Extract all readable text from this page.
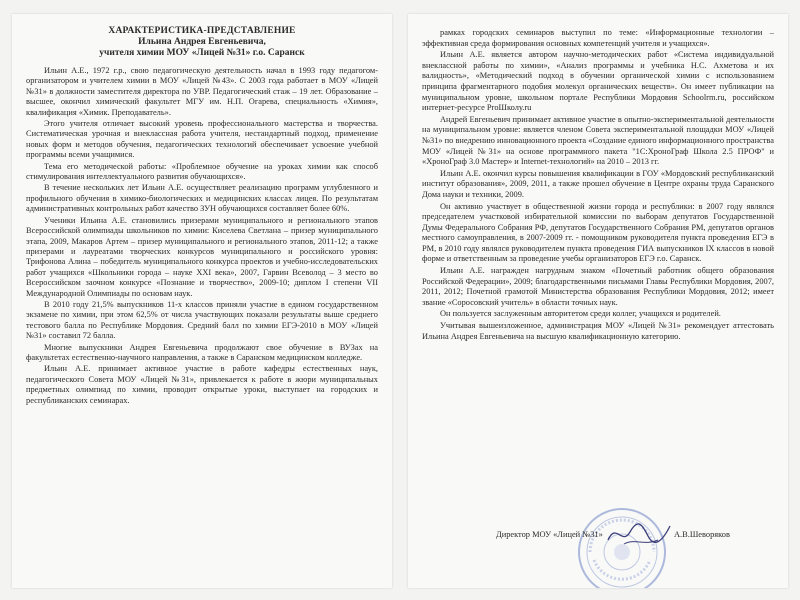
ХАРАКТЕРИСТИКА-ПРЕДСТАВЛЕНИЕ
Ильина Андрея Евгеньевича,
учителя химии МОУ «Лицей №31» г.о. Саранск

Ильин А.Е., 1972 г.р., свою педагогическую деятельность начал в 1993 году педагогом-организатором и учителем химии в МОУ «Лицей №43». С 2003 года работает в МОУ «Лицей №31» в должности заместителя директора по УВР. Педагогический стаж – 19 лет. Образование – высшее, окончил химический факультет МГУ им. Н.П. Огарева, специальность «Химия», квалификация «Химик. Преподаватель».

Этого учителя отличает высокий уровень профессионального мастерства и творчества. Систематическая урочная и внеклассная работа учителя, нестандартный подход, применение новых форм и методов обучения, педагогических технологий обеспечивает усвоение учебной программы всеми учащимися.

Тема его методической работы: «Проблемное обучение на уроках химии как способ стимулирования интеллектуального развития обучающихся».

В течение нескольких лет Ильин А.Е. осуществляет реализацию программ углубленного и профильного обучения в химико-биологических и медицинских классах лицея. По результатам административных контрольных работ качество ЗУН обучающихся составляет более 60%.

Ученики Ильина А.Е. становились призерами муниципального и регионального этапов Всероссийской олимпиады школьников по химии: Киселева Светлана – призер муниципального этапа, 2009, Макаров Артем – призер муниципального и регионального этапов, 2011-12; а также призерами и лауреатами творческих конкурсов муниципального и российского уровня: Трифонова Алина – победитель муниципального конкурса проектов и учебно-исследовательских работ учащихся «Школьники города – науке XXI века», 2007, Гарвин Всеволод – 3 место во Всероссийском заочном конкурсе «Познание и творчество», 2009-10; диплом I степени VII Международной Олимпиады по основам наук.

В 2010 году 21,5% выпускников 11-х классов приняли участие в едином государственном экзамене по химии, при этом 62,5% от числа участвующих показали результаты выше среднего тестового балла по Республике Мордовия. Средний балл по химии ЕГЭ-2010 в МОУ «Лицей №31» составил 72 балла.

Многие выпускники Андрея Евгеньевича продолжают свое обучение в ВУЗах на факультетах естественно-научного направления, а также в Саранском медицинском колледже.

Ильин А.Е. принимает активное участие в работе кафедры естественных наук, педагогического Совета МОУ «Лицей №31», привлекается к работе в жюри муниципальных предметных олимпиад по химии, проводит открытые уроки, выступает на городских и республиканских семинарах.

рамках городских семинаров выступил по теме: «Информационные технологии – эффективная среда формирования основных компетенций учителя и учащихся».

Ильин А.Е. является автором научно-методических работ «Система индивидуальной внеклассной работы по химии», «Анализ программы и учебника Н.С. Ахметова и их валидность», «Методический подход в обучении органической химии с использованием принципа фрагментарного подобия молекул органических веществ». Он имеет публикации на муниципальном уровне, школьном портале Республики Мордовия Schoolrm.ru, российском интернет-ресурсе ProШколу.ru

Андрей Евгеньевич принимает активное участие в опытно-экспериментальной деятельности на муниципальном уровне: является членом Совета экспериментальной площадки МОУ «Лицей №31» по внедрению инновационного проекта «Создание единого информационного пространства МОУ «Лицей №31» на основе программного пакета "1С:ХроноГраф Школа 2.5 ПРОФ" и «ХроноГраф 3.0 Мастер» и Internet-технологий» на 2010 – 2013 гг.

Ильин А.Е. окончил курсы повышения квалификации в ГОУ «Мордовский республиканский институт образования», 2009, 2011, а также прошел обучение в Центре охраны труда Саранского Дома науки и техники, 2009.

Он активно участвует в общественной жизни города и республики: в 2007 году являлся председателем участковой избирательной комиссии по выборам депутатов Государственной Думы Федерального Собрания РФ, депутатов Государственного Собрания РМ, депутатов органов местного самоуправления, в 2007-2009 гг. - помощником руководителя пункта проведения ЕГЭ в РМ, в 2010 году являлся руководителем пункта проведения ГИА выпускников IX классов в новой форме и ответственным за проведение учебы организаторов ЕГЭ г.о. Саранск.

Ильин А.Е. награжден нагрудным знаком «Почетный работник общего образования Российской Федерации», 2009; благодарственными письмами Главы Республики Мордовия, 2007, 2011, 2012; Почетной грамотой Министерства образования Республики Мордовия, 2012; имеет звание «Соросовский учитель» в области точных наук.

Он пользуется заслуженным авторитетом среди коллег, учащихся и родителей.

Учитывая вышеизложенное, администрация МОУ «Лицей №31» рекомендует аттестовать Ильина Андрея Евгеньевича на высшую квалификационную категорию.

Директор МОУ «Лицей №31»	А.В.Шеворяков
